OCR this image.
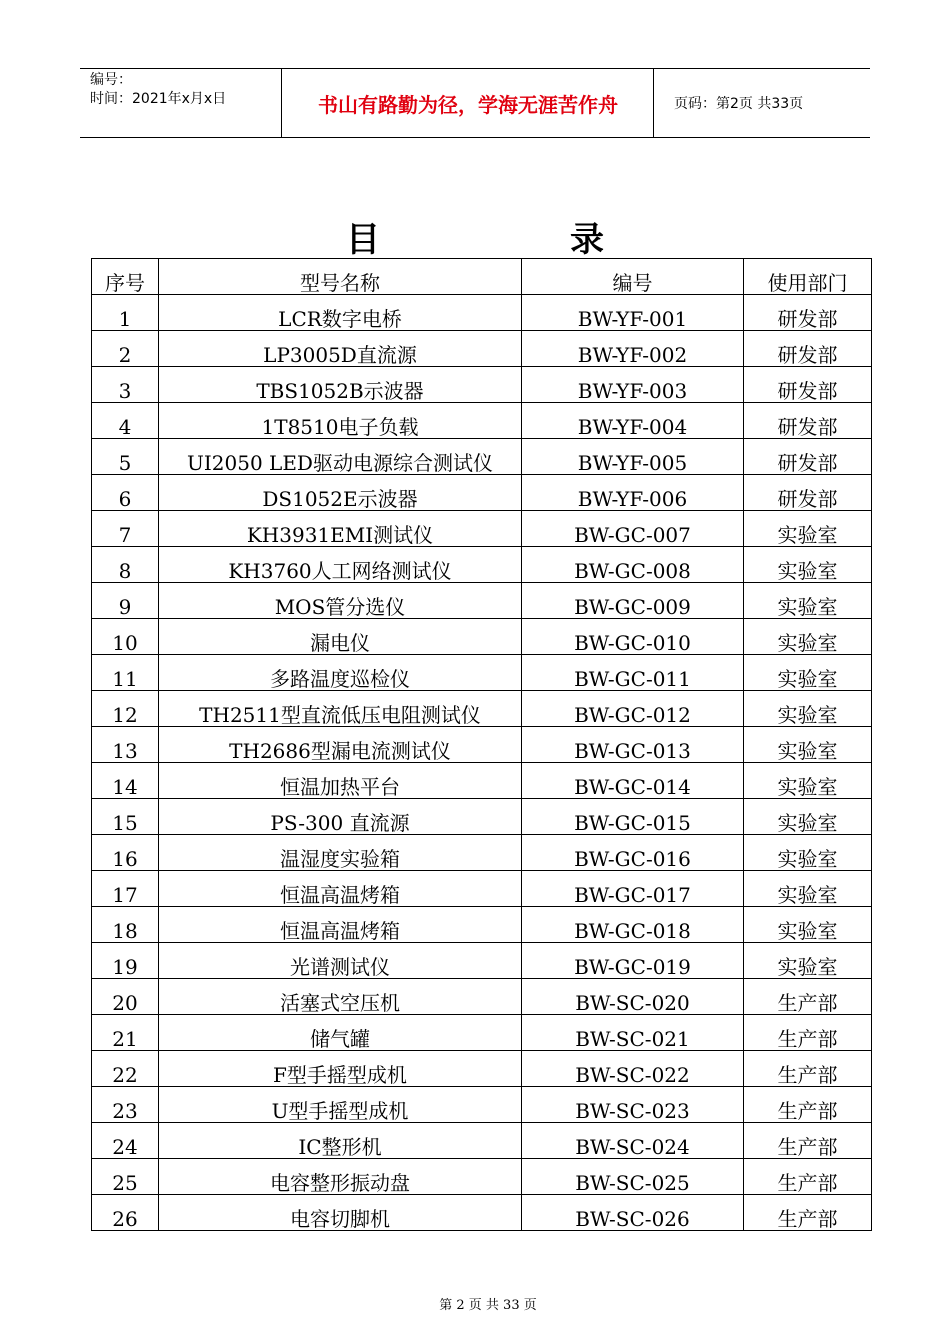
编号：
时间：2021年x月x日	书山有路勤为径，学海无涯苦作舟	页码：第2页 共33页
目录
序号	型号名称	编号	使用部门
1	LCR数字电桥	BW-YF-001	研发部
2	LP3005D直流源	BW-YF-002	研发部
3	TBS1052B示波器	BW-YF-003	研发部
4	1T8510电子负载	BW-YF-004	研发部
5	UI2050 LED驱动电源综合测试仪	BW-YF-005	研发部
6	DS1052E示波器	BW-YF-006	研发部
7	KH3931EMI测试仪	BW-GC-007	实验室
8	KH3760人工网络测试仪	BW-GC-008	实验室
9	MOS管分选仪	BW-GC-009	实验室
10	漏电仪	BW-GC-010	实验室
11	多路温度巡检仪	BW-GC-011	实验室
12	TH2511型直流低压电阻测试仪	BW-GC-012	实验室
13	TH2686型漏电流测试仪	BW-GC-013	实验室
14	恒温加热平台	BW-GC-014	实验室
15	PS-300 直流源	BW-GC-015	实验室
16	温湿度实验箱	BW-GC-016	实验室
17	恒温高温烤箱	BW-GC-017	实验室
18	恒温高温烤箱	BW-GC-018	实验室
19	光谱测试仪	BW-GC-019	实验室
20	活塞式空压机	BW-SC-020	生产部
21	储气罐	BW-SC-021	生产部
22	F型手摇型成机	BW-SC-022	生产部
23	U型手摇型成机	BW-SC-023	生产部
24	IC整形机	BW-SC-024	生产部
25	电容整形振动盘	BW-SC-025	生产部
26	电容切脚机	BW-SC-026	生产部
第 2 页 共 33 页
